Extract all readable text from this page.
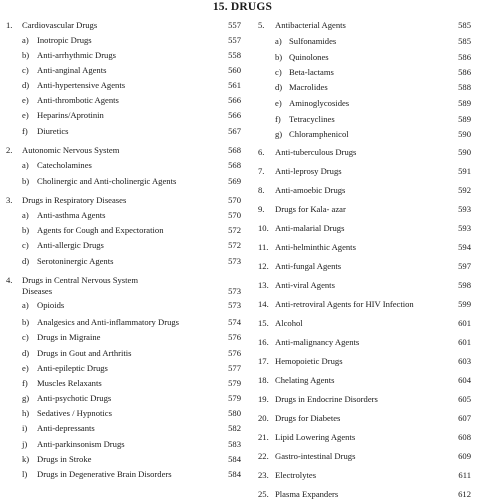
15. DRUGS
1. Cardiovascular Drugs	557
a) Inotropic Drugs	557
b) Anti-arrhythmic Drugs	558
c) Anti-anginal Agents	560
d) Anti-hypertensive Agents	561
e) Anti-thrombotic Agents	566
e) Heparins/Aprotinin	566
f) Diuretics	567
2. Autonomic Nervous System	568
a) Catecholamines	568
b) Cholinergic and Anti-cholinergic Agents	569
3. Drugs in Respiratory Diseases	570
a) Anti-asthma Agents	570
b) Agents for Cough and Expectoration	572
c) Anti-allergic Drugs	572
d) Serotoninergic Agents	573
4. Drugs in Central Nervous System
Diseases	573
a) Opioids	573
b) Analgesics and Anti-inflammatory Drugs	574
c) Drugs in Migraine	576
d) Drugs in Gout and Arthritis	576
e) Anti-epileptic Drugs	577
f) Muscles Relaxants	579
g) Anti-psychotic Drugs	579
h) Sedatives / Hypnotics	580
i) Anti-depressants	582
j) Anti-parkinsonism Drugs	583
k) Drugs in Stroke	584
l) Drugs in Degenerative Brain Disorders	584
5. Antibacterial Agents	585
a) Sulfonamides	585
b) Quinolones	586
c) Beta-lactams	586
d) Macrolides	588
e) Aminoglycosides	589
f) Tetracyclines	589
g) Chloramphenicol	590
6. Anti-tuberculous Drugs	590
7. Anti-leprosy Drugs	591
8. Anti-amoebic Drugs	592
9. Drugs for Kala- azar	593
10. Anti-malarial Drugs	593
11. Anti-helminthic Agents	594
12. Anti-fungal Agents	597
13. Anti-viral Agents	598
14. Anti-retroviral Agents for HIV Infection	599
15. Alcohol	601
16. Anti-malignancy Agents	601
17. Hemopoietic Drugs	603
18. Chelating Agents	604
19. Drugs in Endocrine Disorders	605
20. Drugs for Diabetes	607
21. Lipid Lowering Agents	608
22. Gastro-intestinal Drugs	609
23. Electrolytes	611
25. Plasma Expanders	612
